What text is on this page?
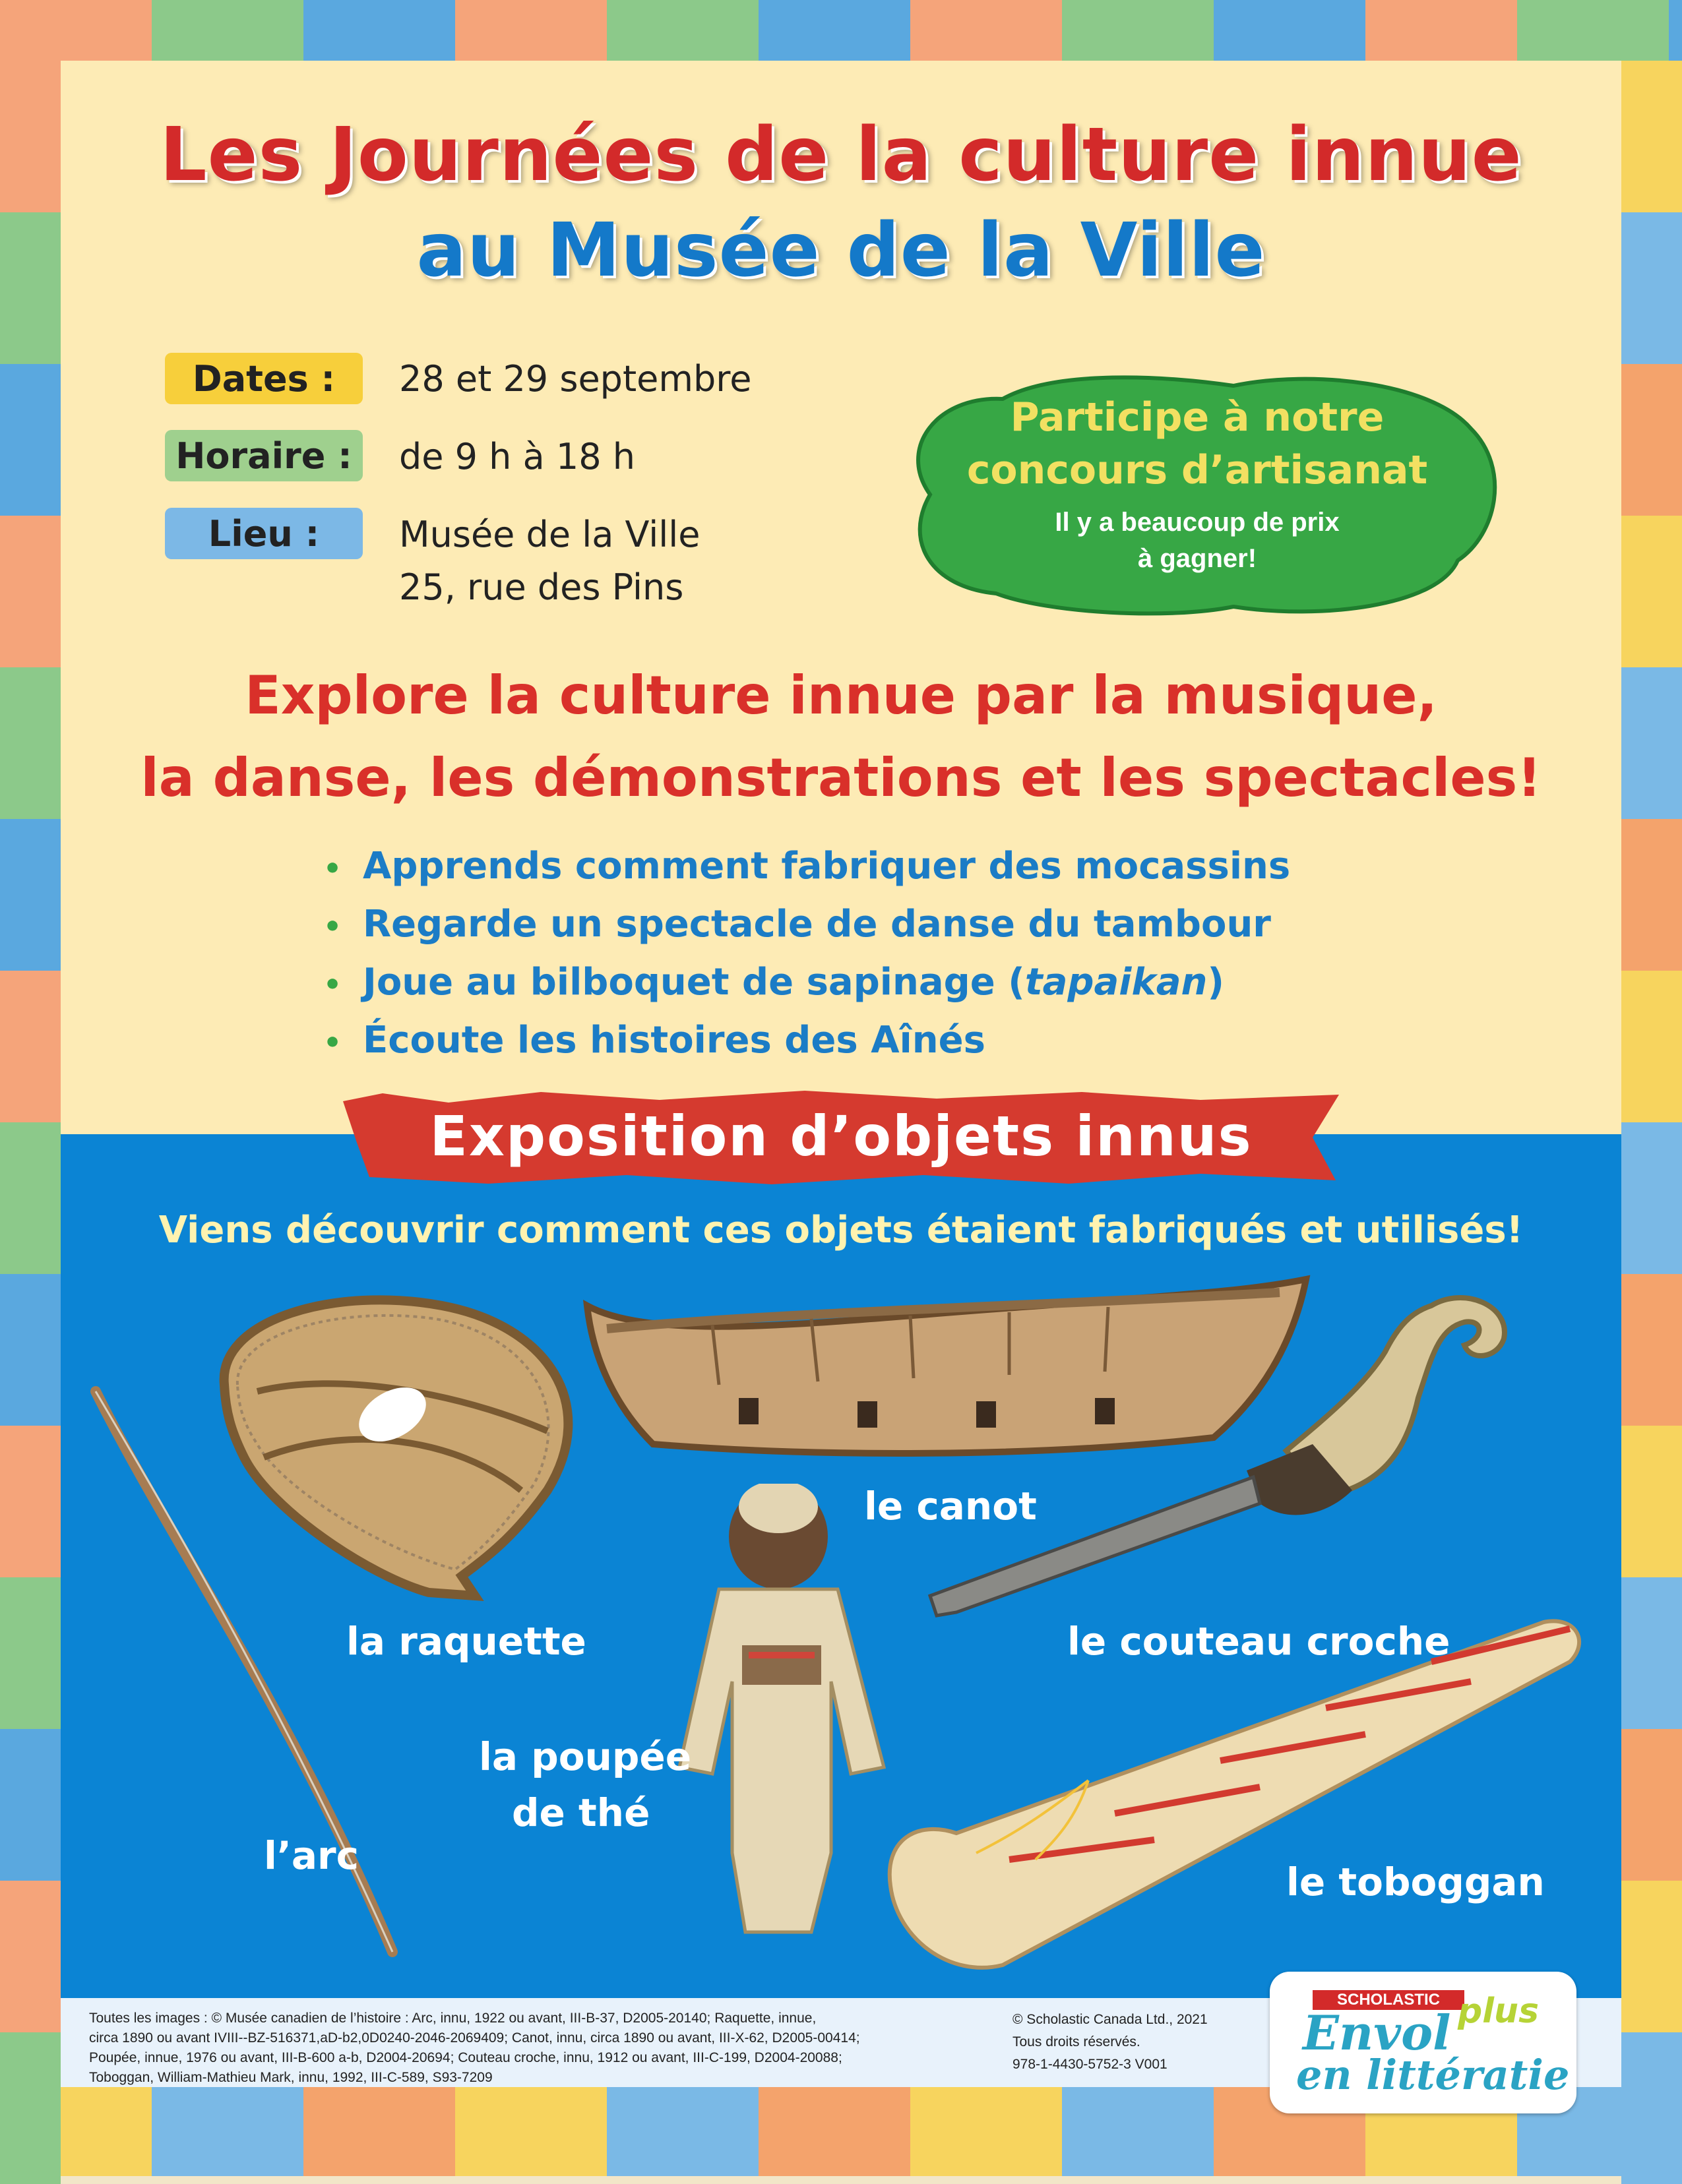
Les Journées de la culture innue
au Musée de la Ville
Dates :
Horaire :
Lieu :
28 et 29 septembre
de 9 h à 18 h
Musée de la Ville
25, rue des Pins
Participe à notre
concours d’artisanat
Il y a beaucoup de prix
à gagner!
Explore la culture innue par la musique,
la danse, les démonstrations et les spectacles!
• Apprends comment fabriquer des mocassins
• Regarde un spectacle de danse du tambour
• Joue au bilboquet de sapinage (tapaikan)
• Écoute les histoires des Aînés
Exposition d’objets innus
Viens découvrir comment ces objets étaient fabriqués et utilisés!
le canot
le couteau croche
la raquette
l’arc
la poupée
de thé
le toboggan
Toutes les images : © Musée canadien de l’histoire : Arc, innu, 1922 ou avant, III-B-37, D2005-20140; Raquette, innue,
circa 1890 ou avant IVIII--BZ-516371,aD-b2,0D0240-2046-2069409; Canot, innu, circa 1890 ou avant, III-X-62, D2005-00414;
Poupée, innue, 1976 ou avant, III-B-600 a-b, D2004-20694; Couteau croche, innu, 1912 ou avant, III-C-199, D2004-20088;
Toboggan, William-Mathieu Mark, innu, 1992, III-C-589, S93-7209
© Scholastic Canada Ltd., 2021
Tous droits réservés.
978-1-4430-5752-3 V001
SCHOLASTIC
Envol plus
en littératie
